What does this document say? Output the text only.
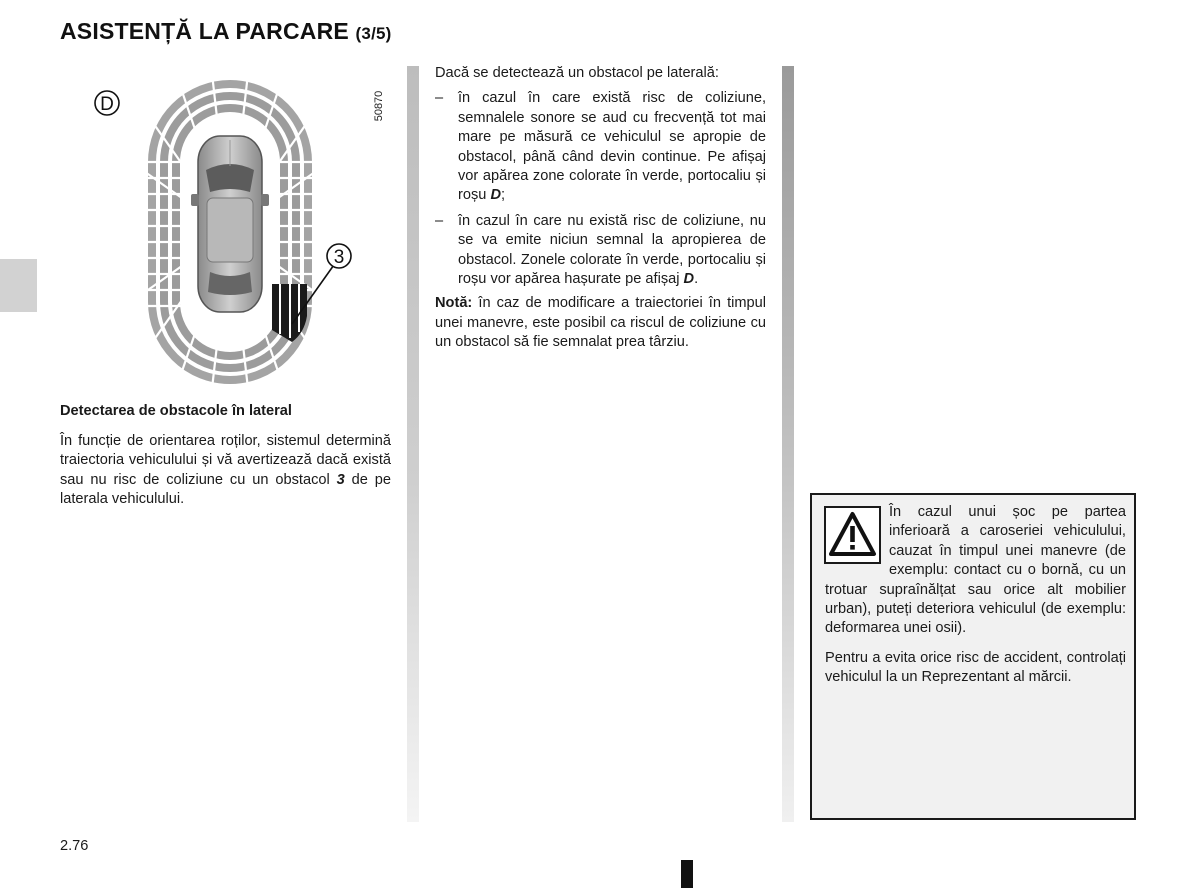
ASISTENȚĂ LA PARCARE (3/5)
3
D	50870
Detectarea de obstacole în lateral

În funcție de orientarea roților, sistemul determină traiectoria vehiculului și vă avertizează dacă există sau nu risc de coliziune cu un obstacol 3 de pe laterala vehiculului.

Dacă se detectează un obstacol pe laterală:

– în cazul în care există risc de coliziune, semnalele sonore se aud cu frecvență tot mai mare pe măsură ce vehiculul se apropie de obstacol, până când devin continue. Pe afișaj vor apărea zone colorate în verde, portocaliu și roșu D;
– în cazul în care nu există risc de coliziune, nu se va emite niciun semnal la apropierea de obstacol. Zonele colorate în verde, portocaliu și roșu vor apărea hașurate pe afișaj D.

Notă: în caz de modificare a traiectoriei în timpul unei manevre, este posibil ca riscul de coliziune cu un obstacol să fie semnalat prea târziu.

În cazul unui șoc pe partea inferioară a caroseriei vehiculului, cauzat în timpul unei manevre (de exemplu: contact cu o bornă, cu un trotuar supraînălțat sau orice alt mobilier urban), puteți deteriora vehiculul (de exemplu: deformarea unei osii).

Pentru a evita orice risc de accident, controlați vehiculul la un Reprezentant al mărcii.

2.76
